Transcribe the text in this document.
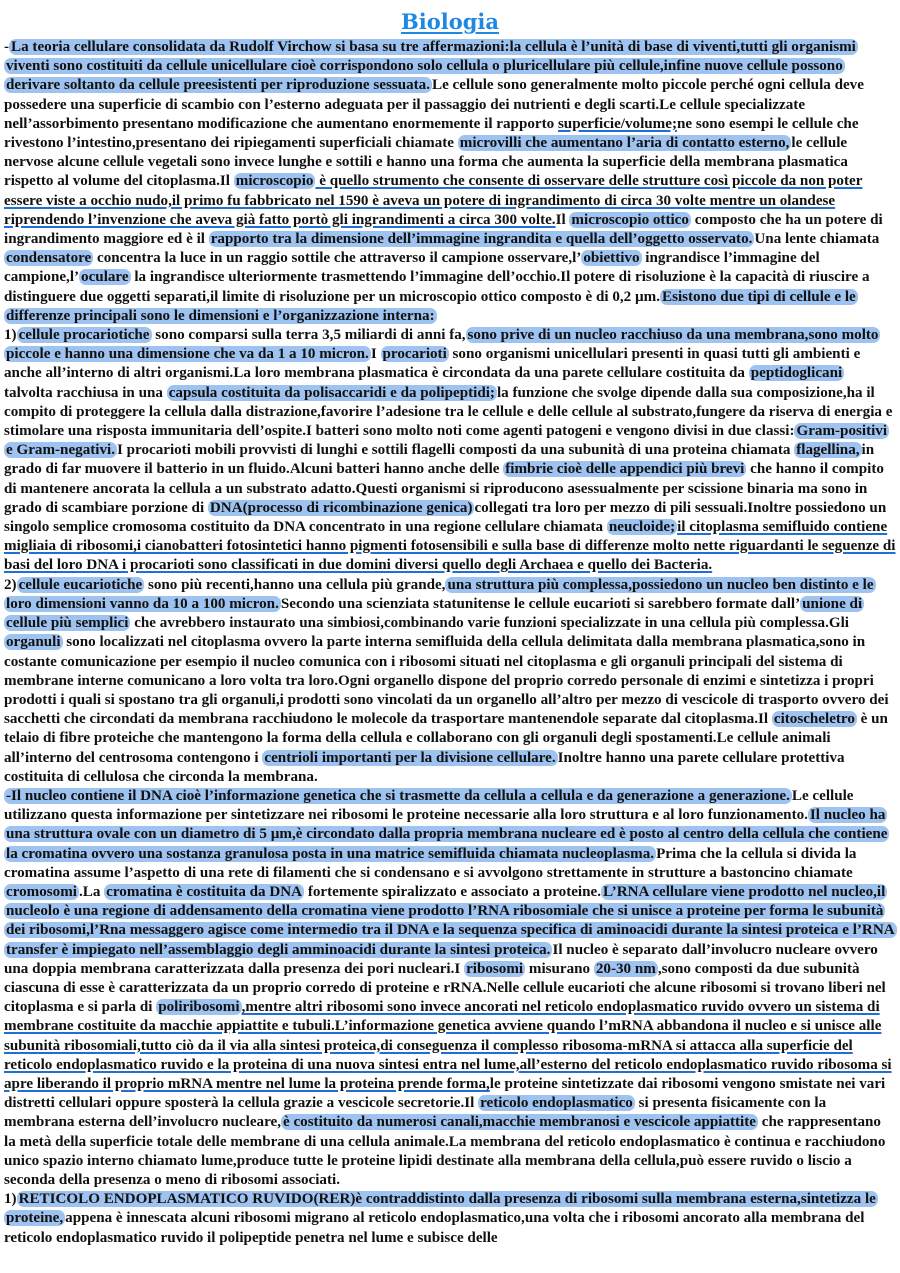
Biologia

- La teoria cellulare consolidata da Rudolf Virchow si basa su tre affermazioni:la cellula è l’unità di base di viventi,tutti gli organismi viventi sono costituiti da cellule unicellulare cioè corrispondono solo cellula o pluricellulare più cellule,infine nuove cellule possono derivare soltanto da cellule preesistenti per riproduzione sessuata. Le cellule sono generalmente molto piccole perché ogni cellula deve possedere una superficie di scambio con l’esterno adeguata per il passaggio dei nutrienti e degli scarti.Le cellule specializzate nell’assorbimento presentano modificazione che aumentano enormemente il rapporto superficie/volume;ne sono esempi le cellule che rivestono l’intestino,presentano dei ripiegamenti superficiali chiamate microvilli che aumentano l’aria di contatto esterno, le cellule nervose alcune cellule vegetali sono invece lunghe e sottili e hanno una forma che aumenta la superficie della membrana plasmatica rispetto al volume del citoplasma.Il microscopio è quello strumento che consente di osservare delle strutture così piccole da non poter essere viste a occhio nudo,il primo fu fabbricato nel 1590 è aveva un potere di ingrandimento di circa 30 volte mentre un olandese riprendendo l’invenzione che aveva già fatto portò gli ingrandimenti a circa 300 volte.Il microscopio ottico composto che ha un potere di ingrandimento maggiore ed è il rapporto tra la dimensione dell’immagine ingrandita e quella dell’oggetto osservato. Una lente chiamata condensatore concentra la luce in un raggio sottile che attraverso il campione osservare,l’ obiettivo ingrandisce l’immagine del campione,l’ oculare la ingrandisce ulteriormente trasmettendo l’immagine dell’occhio.Il potere di risoluzione è la capacità di riuscire a distinguere due oggetti separati,il limite di risoluzione per un microscopio ottico composto è di 0,2 µm. Esistono due tipi di cellule e le differenze principali sono le dimensioni e l’organizzazione interna:

1) cellule procariotiche sono comparsi sulla terra 3,5 miliardi di anni fa, sono prive di un nucleo racchiuso da una membrana,sono molto piccole e hanno una dimensione che va da 1 a 10 micron. I procarioti sono organismi unicellulari presenti in quasi tutti gli ambienti e anche all’interno di altri organismi.La loro membrana plasmatica è circondata da una parete cellulare costituita da peptidoglicani talvolta racchiusa in una capsula costituita da polisaccaridi e da polipeptidi; la funzione che svolge dipende dalla sua composizione,ha il compito di proteggere la cellula dalla distrazione,favorire l’adesione tra le cellule e delle cellule al substrato,fungere da riserva di energia e stimolare una risposta immunitaria dell’ospite.I batteri sono molto noti come agenti patogeni e vengono divisi in due classi: Gram-positivi e Gram-negativi. I procarioti mobili provvisti di lunghi e sottili flagelli composti da una subunità di una proteina chiamata flagellina, in grado di far muovere il batterio in un fluido.Alcuni batteri hanno anche delle fimbrie cioè delle appendici più brevi che hanno il compito di mantenere ancorata la cellula a un substrato adatto.Questi organismi si riproducono asessualmente per scissione binaria ma sono in grado di scambiare porzione di DNA(processo di ricombinazione genica) collegati tra loro per mezzo di pili sessuali.Inoltre possiedono un singolo semplice cromosoma costituito da DNA concentrato in una regione cellulare chiamata neucloide; il citoplasma semifluido contiene migliaia di ribosomi,i cianobatteri fotosintetici hanno pigmenti fotosensibili e sulla base di differenze molto nette riguardanti le seguenze di basi del loro DNA i procarioti sono classificati in due domini diversi quello degli Archaea e quello dei Bacteria.

2) cellule eucariotiche sono più recenti,hanno una cellula più grande, una struttura più complessa,possiedono un nucleo ben distinto e le loro dimensioni vanno da 10 a 100 micron. Secondo una scienziata statunitense le cellule eucarioti si sarebbero formate dall’ unione di cellule più semplici che avrebbero instaurato una simbiosi,combinando varie funzioni specializzate in una cellula più complessa.Gli organuli sono localizzati nel citoplasma ovvero la parte interna semifluida della cellula delimitata dalla membrana plasmatica,sono in costante comunicazione per esempio il nucleo comunica con i ribosomi situati nel citoplasma e gli organuli principali del sistema di membrane interne comunicano a loro volta tra loro.Ogni organello dispone del proprio corredo personale di enzimi e sintetizza i propri prodotti i quali si spostano tra gli organuli,i prodotti sono vincolati da un organello all’altro per mezzo di vescicole di trasporto ovvero dei sacchetti che circondati da membrana racchiudono le molecole da trasportare mantenendole separate dal citoplasma.Il citoscheletro è un telaio di fibre proteiche che mantengono la forma della cellula e collaborano con gli organuli degli spostamenti.Le cellule animali all’interno del centrosoma contengono i centrioli importanti per la divisione cellulare. Inoltre hanno una parete cellulare protettiva costituita di cellulosa che circonda la membrana.

-Il nucleo contiene il DNA cioè l’informazione genetica che si trasmette da cellula a cellula e da generazione a generazione. Le cellule utilizzano questa informazione per sintetizzare nei ribosomi le proteine necessarie alla loro struttura e al loro funzionamento. Il nucleo ha una struttura ovale con un diametro di 5 µm,è circondato dalla propria membrana nucleare ed è posto al centro della cellula che contiene la cromatina ovvero una sostanza granulosa posta in una matrice semifluida chiamata nucleoplasma. Prima che la cellula si divida la cromatina assume l’aspetto di una rete di filamenti che si condensano e si avvolgono strettamente in strutture a bastoncino chiamate cromosomi .La cromatina è costituita da DNA fortemente spiralizzato e associato a proteine. L’RNA cellulare viene prodotto nel nucleo,il nucleolo è una regione di addensamento della cromatina viene prodotto l’RNA ribosomiale che si unisce a proteine per forma le subunità dei ribosomi,l’Rna messaggero agisce come intermedio tra il DNA e la sequenza specifica di aminoacidi durante la sintesi proteica e l’RNA transfer è impiegato nell’assemblaggio degli amminoacidi durante la sintesi proteica. Il nucleo è separato dall’involucro nucleare ovvero una doppia membrana caratterizzata dalla presenza dei pori nucleari.I ribosomi misurano 20-30 nm ,sono composti da due subunità ciascuna di esse è caratterizzata da un proprio corredo di proteine e rRNA.Nelle cellule eucarioti che alcune ribosomi si trovano liberi nel citoplasma e si parla di poliribosomi ,mentre altri ribosomi sono invece ancorati nel reticolo endoplasmatico ruvido ovvero un sistema di membrane costituite da macchie appiattite e tubuli.L’informazione genetica avviene quando l’mRNA abbandona il nucleo e si unisce alle subunità ribosomiali,tutto ciò da il via alla sintesi proteica,di conseguenza il complesso ribosoma-mRNA si attacca alla superficie del reticolo endoplasmatico ruvido e la proteina di una nuova sintesi entra nel lume,all’esterno del reticolo endoplasmatico ruvido ribosoma si apre liberando il proprio mRNA mentre nel lume la proteina prende forma,le proteine sintetizzate dai ribosomi vengono smistate nei vari distretti cellulari oppure sposterà la cellula grazie a vescicole secretorie.Il reticolo endoplasmatico si presenta fisicamente con la membrana esterna dell’involucro nucleare, è costituito da numerosi canali,macchie membranosi e vescicole appiattite che rappresentano la metà della superficie totale delle membrane di una cellula animale.La membrana del reticolo endoplasmatico è continua e racchiudono unico spazio interno chiamato lume,produce tutte le proteine lipidi destinate alla membrana della cellula,può essere ruvido o liscio a seconda della presenza o meno di ribosomi associati.

1) RETICOLO ENDOPLASMATICO RUVIDO(RER)è contraddistinto dalla presenza di ribosomi sulla membrana esterna,sintetizza le proteine, appena è innescata alcuni ribosomi migrano al reticolo endoplasmatico,una volta che i ribosomi ancorato alla membrana del reticolo endoplasmatico ruvido il polipeptide penetra nel lume e subisce delle
